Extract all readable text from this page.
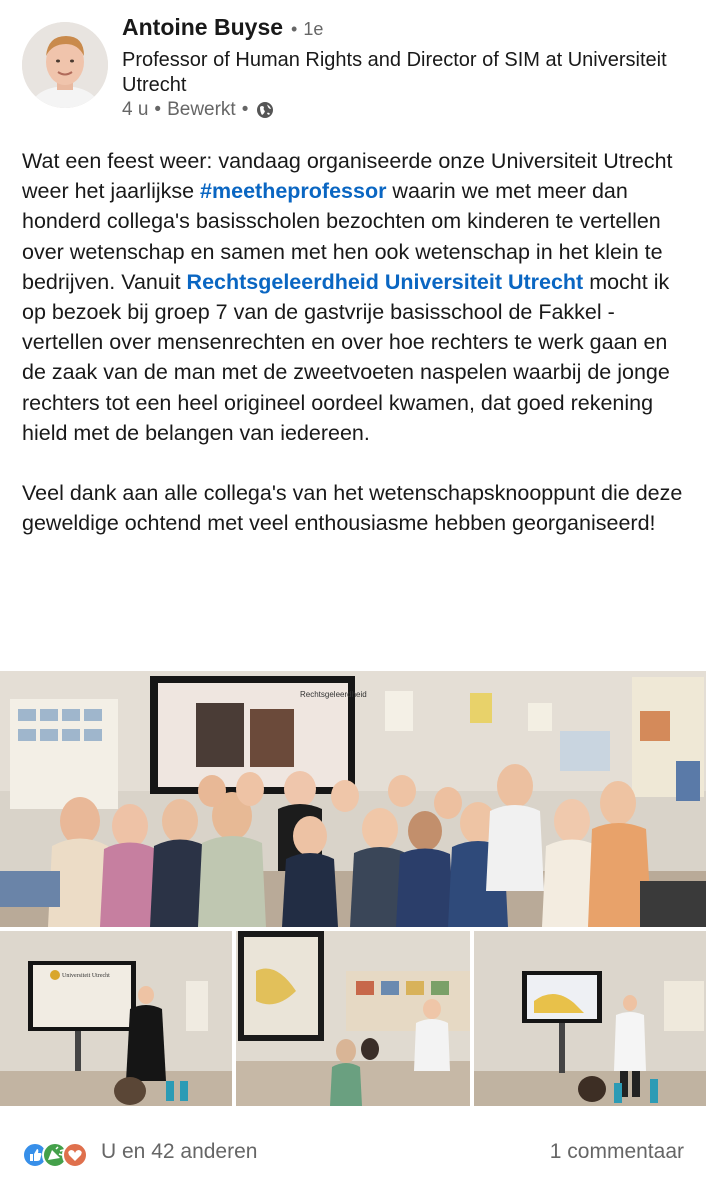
Antoine Buyse • 1e
Professor of Human Rights and Director of SIM at Universiteit Utrecht
4 u • Bewerkt •

Wat een feest weer: vandaag organiseerde onze Universiteit Utrecht weer het jaarlijkse #meetheprofessor waarin we met meer dan honderd collega's basisscholen bezochten om kinderen te vertellen over wetenschap en samen met hen ook wetenschap in het klein te bedrijven. Vanuit Rechtsgeleerdheid Universiteit Utrecht mocht ik op bezoek bij groep 7 van de gastvrije basisschool de Fakkel - vertellen over mensenrechten en over hoe rechters te werk gaan en de zaak van de man met de zweetvoeten naspelen waarbij de jonge rechters tot een heel origineel oordeel kwamen, dat goed rekening hield met de belangen van iedereen.

Veel dank aan alle collega's van het wetenschapsknooppunt die deze geweldige ochtend met veel enthousiasme hebben georganiseerd!

Rechtsgeleerdheid
Universiteit Utrecht
U en 42 anderen	1 commentaar
